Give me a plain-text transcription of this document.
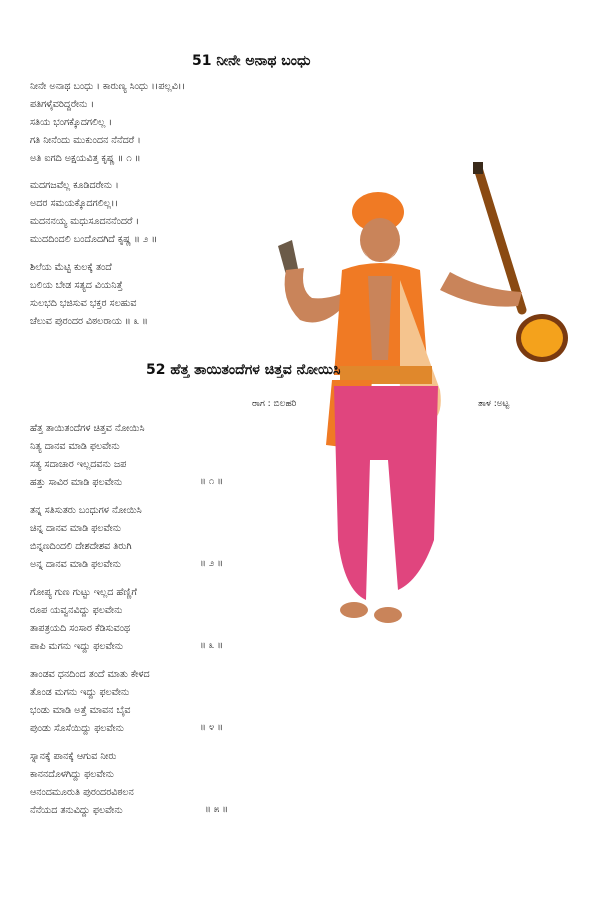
51 ನೀನೇ ಅನಾಥ ಬಂಧು
ನೀನೇ ಅನಾಥ ಬಂಧು । ಕಾರುಣ್ಯ ಸಿಂಧು ।।ಪಲ್ಲವಿ।।
ಪತಿಗಳೈವರಿದ್ದರೇನು ।
ಸತಿಯ ಭಂಗಕ್ಕೊದಗಲಿಲ್ಲ ।
ಗತಿ ನೀನೆಂದು ಮುಕುಂದನ ನೆನೆದರೆ ।
ಅತಿ ಐಗದಿ ಅಕ್ಷಯವಿತ್ತ ಕೃಷ್ಣ ॥ ೧ ॥
ಮದಗಜವೆಲ್ಲ ಕೂಡಿದರೇನು ।
ಅದರ ಸಮಯಕ್ಕೊದಗಲಿಲ್ಲ।।
ಮದನನಯ್ಯ ಮಧುಸೂದನನೆಂದರೆ ।
ಮುದದಿಂದಲಿ ಬಂದೊದಗಿದೆ ಕೃಷ್ಣ ॥ ೨ ॥
ಶಿಲೆಯ ಮೆಟ್ಟಿ ಕುಲಕ್ಕೆ ತಂದೆ
ಬಲಿಯ ಬೇಡ ಸತ್ಯದ ವಿಯನಿತ್ತೆ
ಸುಲಭದಿ ಭಜಿಸುವ ಭಕ್ತರ ಸಲಹುವ
ಚೆಲುವ ಪುರಂದರ ವಿಠಲರಾಯ ॥ ೩ ॥
52 ಹೆತ್ತ ತಾಯಿತಂದೆಗಳ ಚಿತ್ತವ ನೋಯಿಸಿ
ರಾಗ : ಬಿಲಹರಿ	ತಾಳ :ಅಟ್ಟ
ಹೆತ್ತ ತಾಯಿತಂದೆಗಳ ಚಿತ್ತವ ನೋಯಿಸಿ
ನಿತ್ಯ ದಾನವ ಮಾಡಿ ಫಲವೇನು
ಸತ್ಯ ಸದಾಚಾರ ಇಲ್ಲದವನು ಜಪ
ಹತ್ತು ಸಾವಿರ ಮಾಡಿ ಫಲವೇನು	॥ ೧ ॥
ತನ್ನ ಸತಿಸುತರು ಬಂಧುಗಳ ನೋಯಿಸಿ
ಚಿನ್ನ ದಾನವ ಮಾಡಿ ಫಲವೇನು
ಬಿನ್ನಣದಿಂದಲಿ ದೇಶದೇಶವ ತಿರುಗಿ
ಅನ್ನ ದಾನವ ಮಾಡಿ ಫಲವೇನು	॥ ೨ ॥
ಗೋಪ್ಯ ಗುಣ ಗುಟ್ಟು ಇಲ್ಲದ ಹೆಣ್ಣಿಗೆ
ರೂಪ ಯವ್ವನವಿದ್ದು ಫಲವೇನು
ತಾಪತ್ರಯದಿ ಸಂಸಾರ ಕೆಡಿಸುವಂಥ
ಪಾಪಿ ಮಗನು ಇದ್ದು ಫಲವೇನು	॥ ೩ ॥
ತಾಂಡವ ಧನದಿಂದ ತಂದೆ ಮಾತು ಕೇಳದ
ತೊಂಡ ಮಗನು ಇದ್ದು ಫಲವೇನು
ಭಂಡು ಮಾಡಿ ಅತ್ತೆ ಮಾವನ ಬೈವ
ಪುಂಡು ಸೊಸೆಯಿದ್ದು ಫಲವೇನು	॥ ೪ ॥
ಸ್ನಾನಕ್ಕೆ ಪಾನಕ್ಕೆ ಆಗುವ ನೀರು
ಕಾನನದೊಳಗಿದ್ದು ಫಲವೇನು
ಆನಂದಮೂರುತಿ ಪುರಂದರವಿಠಲನ
ನೆನೆಯದ ತನುವಿದ್ದು ಫಲವೇನು	॥ ೫ ॥
